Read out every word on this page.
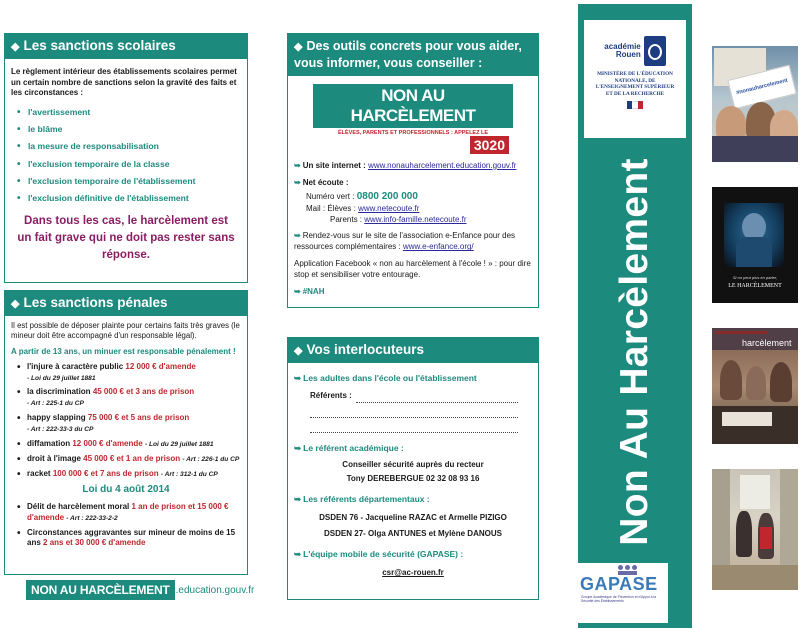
◆ Les sanctions scolaires
Le règlement intérieur des établissements scolaires permet un certain nombre de sanctions selon la gravité des faits et les circonstances :
• l'avertissement
• le blâme
• la mesure de responsabilisation
• l'exclusion temporaire de la classe
• l'exclusion temporaire de l'établissement
• l'exclusion définitive de l'établissement
Dans tous les cas, le harcèlement est un fait grave qui ne doit pas rester sans réponse.
◆ Les sanctions pénales
Il est possible de déposer plainte pour certains faits très graves (le mineur doit être accompagné d'un responsable légal).
A partir de 13 ans, un minuer est responsable pénalement !
• l'injure à caractère public 12 000 € d'amende
- Loi du 29 juillet 1881
• la discrimination 45 000 € et 3 ans de prison
- Art : 225-1 du CP
• happy slapping 75 000 € et 5 ans de prison
- Art : 222-33-3 du CP
• diffamation 12 000 € d'amende - Loi du 29 juillet 1881
• droit à l'image 45 000 € et 1 an de prison - Art : 226-1 du CP
• racket 100 000 € et 7 ans de prison - Art : 312-1 du CP
Loi du 4 août 2014
• Délit de harcèlement moral 1 an de prison et 15 000 € d'amende - Art : 222-33-2-2
• Circonstances aggravantes sur mineur de moins de 15 ans 2 ans et 30 000 € d'amende
NON AU HARCÈLEMENT .education.gouv.fr
◆ Des outils concrets pour vous aider, vous informer, vous conseiller :
NON AU HARCÈLEMENT
ÉLÈVES, PARENTS ET PROFESSIONNELS : APPELEZ LE
3020
➥ Un site internet : www.nonauharcelement.education.gouv.fr
➥ Net écoute :
Numéro vert : 0800 200 000
Mail : Élèves : www.netecoute.fr
Parents : www.info-famille.netecoute.fr
➥ Rendez-vous sur le site de l'association e-Enfance pour des ressources complémentaires : www.e-enfance.org/
Application Facebook « non au harcèlement à l'école ! » : pour dire stop et sensibiliser votre entourage.
➥ #NAH
◆ Vos interlocuteurs
➥ Les adultes dans l'école ou l'établissement
Référents :
➥ Le référent académique :
Conseiller sécurité auprès du recteur
Tony DEREBERGUE 02 32 08 93 16
➥ Les référents départementaux :
DSDEN 76 - Jacqueline RAZAC et Armelle PIZIGO
DSDEN 27- Olga ANTUNES et Mylène DANOUS
➥ L'équipe mobile de sécurité (GAPASE) :
csr@ac-rouen.fr
académie
Rouen
MINISTÈRE DE L'ÉDUCATION NATIONALE, DE L'ENSEIGNEMENT SUPÉRIEUR ET DE LA RECHERCHE
Non Au Harcèlement
GAPASE
Groupe Académique de Prévention et d'Appui à la Sécurité des Établissements
#nonauharcelement
Si on peut plus en parler,
LE HARCÈLEMENT
harcèlement
